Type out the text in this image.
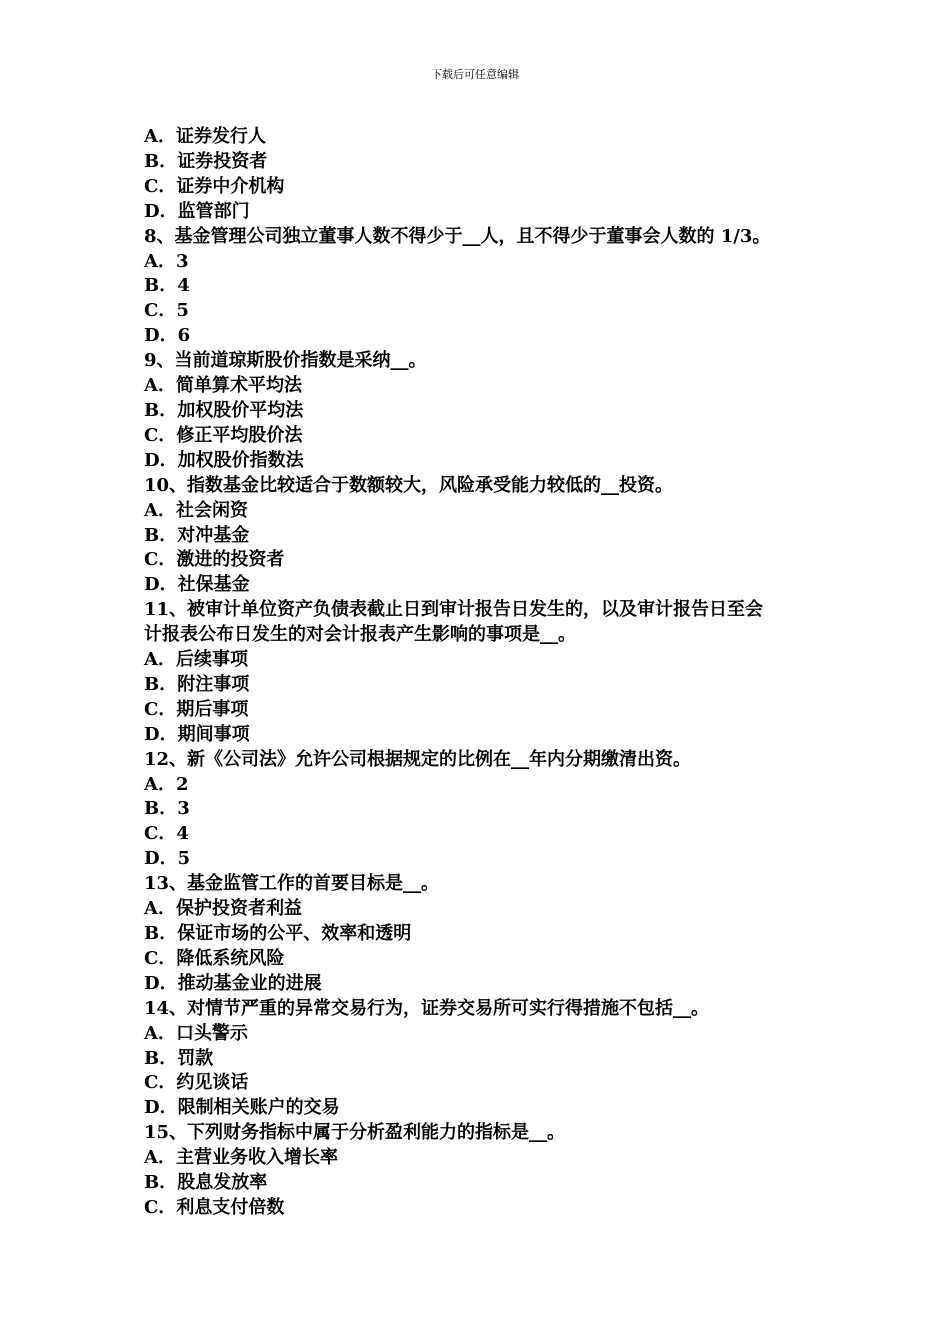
下载后可任意编辑
A．证券发行人
B．证券投资者
C．证券中介机构
D．监管部门
8、基金管理公司独立董事人数不得少于__人，且不得少于董事会人数的 1/3。
A．3
B．4
C．5
D．6
9、当前道琼斯股价指数是采纳__。
A．简单算术平均法
B．加权股价平均法
C．修正平均股价法
D．加权股价指数法
10、指数基金比较适合于数额较大，风险承受能力较低的__投资。
A．社会闲资
B．对冲基金
C．激进的投资者
D．社保基金
11、被审计单位资产负债表截止日到审计报告日发生的，以及审计报告日至会
计报表公布日发生的对会计报表产生影响的事项是__。
A．后续事项
B．附注事项
C．期后事项
D．期间事项
12、新《公司法》允许公司根据规定的比例在__年内分期缴清出资。
A．2
B．3
C．4
D．5
13、基金监管工作的首要目标是__。
A．保护投资者利益
B．保证市场的公平、效率和透明
C．降低系统风险
D．推动基金业的进展
14、对情节严重的异常交易行为，证券交易所可实行得措施不包括__。
A．口头警示
B．罚款
C．约见谈话
D．限制相关账户的交易
15、下列财务指标中属于分析盈利能力的指标是__。
A．主营业务收入增长率
B．股息发放率
C．利息支付倍数
